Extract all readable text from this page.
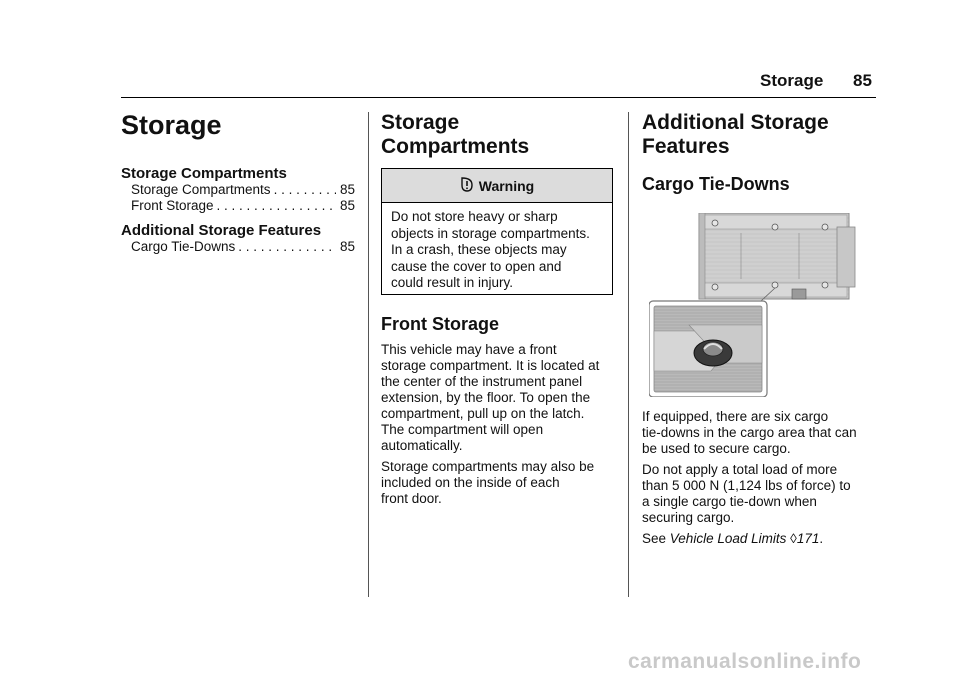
Storage 85
Storage
Storage Compartments
Storage Compartments . . .	85
Front Storage . . .	85
Additional Storage Features
Cargo Tie-Downs . . .	85
Storage
Compartments
Warning
Do not store heavy or sharp
objects in storage compartments.
In a crash, these objects may
cause the cover to open and
could result in injury.
Front Storage
This vehicle may have a front
storage compartment. It is located at
the center of the instrument panel
extension, by the floor. To open the
compartment, pull up on the latch.
The compartment will open
automatically.
Storage compartments may also be
included on the inside of each
front door.
Additional Storage
Features
Cargo Tie-Downs
If equipped, there are six cargo
tie-downs in the cargo area that can
be used to secure cargo.
Do not apply a total load of more
than 5 000 N (1,124 lbs of force) to
a single cargo tie-down when
securing cargo.
See Vehicle Load Limits ◊171.
carmanualsonline.info
